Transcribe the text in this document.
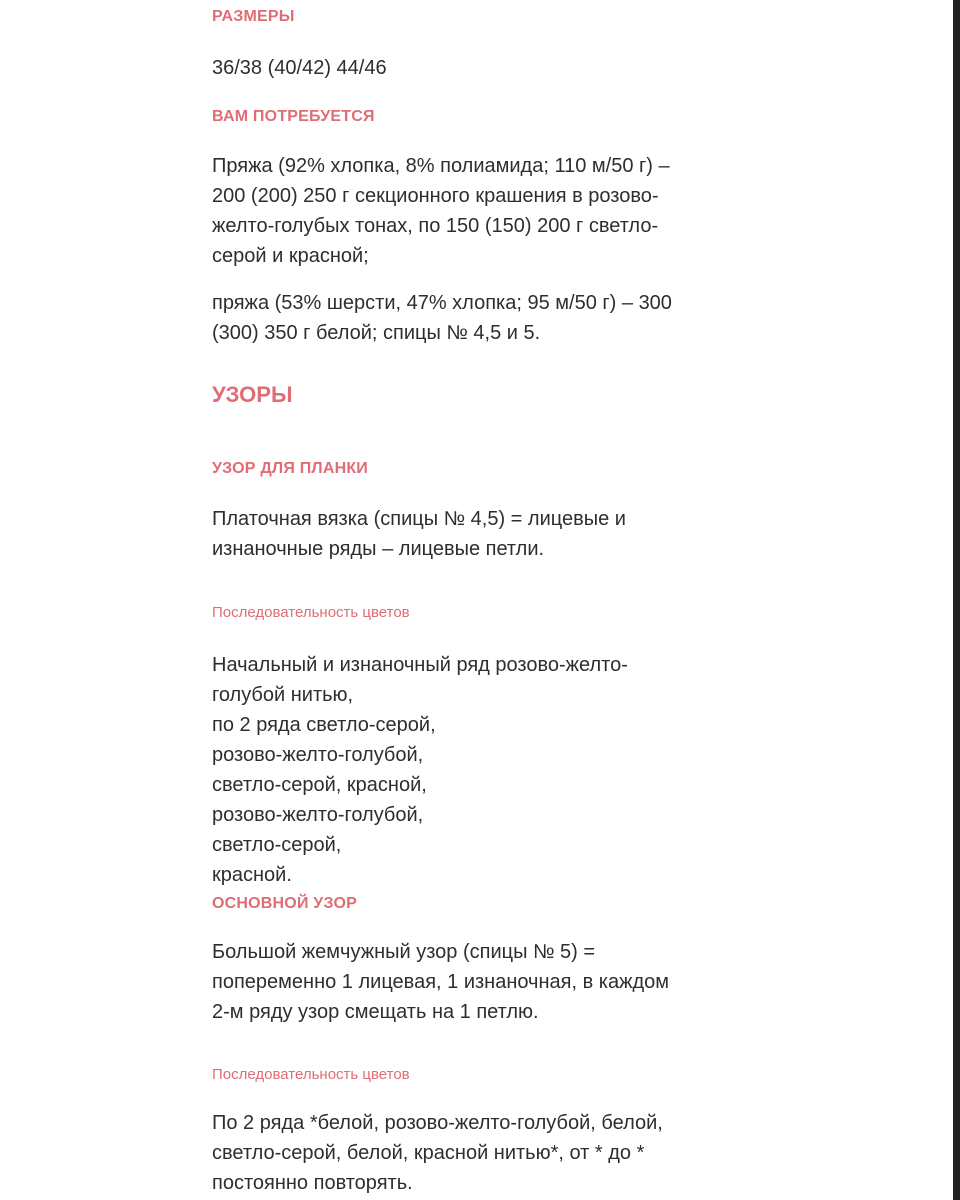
РАЗМЕРЫ
36/38 (40/42) 44/46
ВАМ ПОТРЕБУЕТСЯ
Пряжа (92% хлопка, 8% полиамида; 110 м/50 г) –
200 (200) 250 г секционного крашения в розово-
желто-голубых тонах, по 150 (150) 200 г светло-
серой и красной;
пряжа (53% шерсти, 47% хлопка; 95 м/50 г) – 300
(300) 350 г белой; спицы № 4,5 и 5.
УЗОРЫ
УЗОР ДЛЯ ПЛАНКИ
Платочная вязка (спицы № 4,5) = лицевые и
изнаночные ряды – лицевые петли.
Последовательность цветов
Начальный и изнаночный ряд розово-желто-
голубой нитью,
по 2 ряда светло-серой,
розово-желто-голубой,
светло-серой, красной,
розово-желто-голубой,
светло-серой,
красной.
ОСНОВНОЙ УЗОР
Большой жемчужный узор (спицы № 5) =
попеременно 1 лицевая, 1 изнаночная, в каждом
2-м ряду узор смещать на 1 петлю.
Последовательность цветов
По 2 ряда *белой, розово-желто-голубой, белой,
светло-серой, белой, красной нитью*, от * до *
постоянно повторять.
